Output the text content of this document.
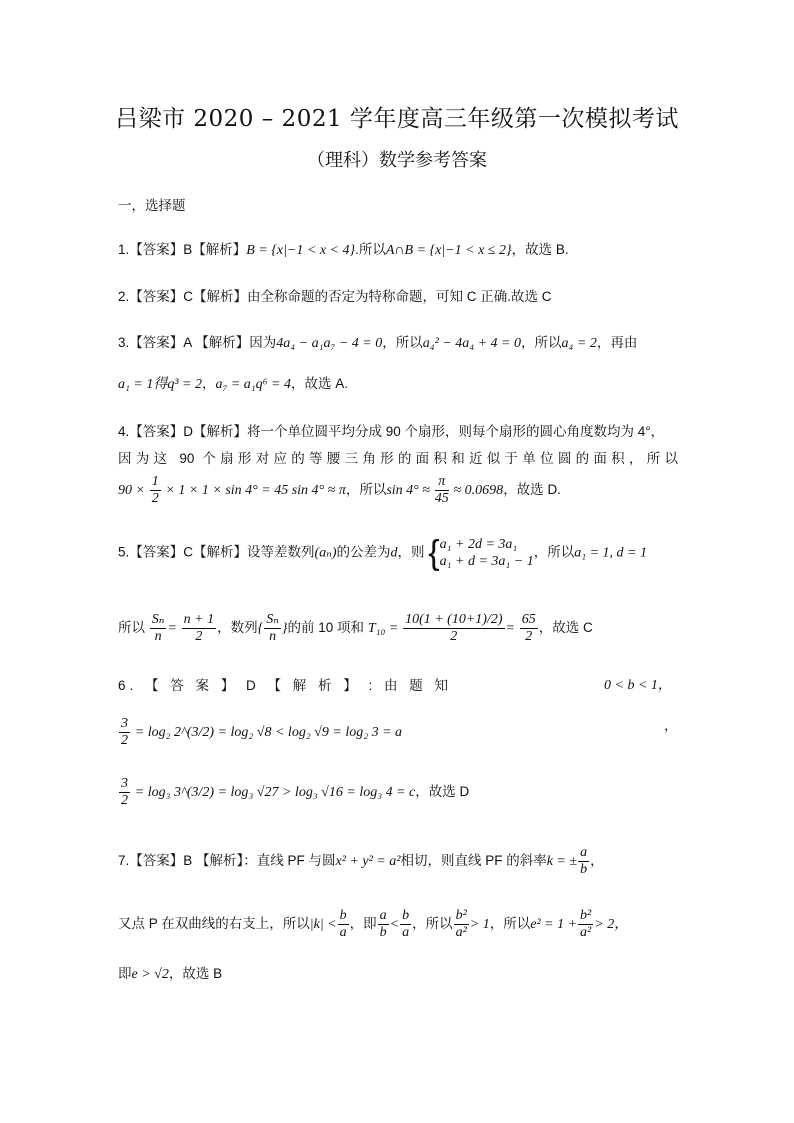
吕梁市 2020 – 2021 学年度高三年级第一次模拟考试
（理科）数学参考答案
一，选择题
1.【答案】B【解析】B = {x|−1 < x < 4}.所以A∩B = {x|−1 < x ≤ 2}，故选 B.
2.【答案】C【解析】由全称命题的否定为特称命题，可知 C 正确.故选 C
3.【答案】A 【解析】因为4a₄ − a₁a₇ − 4 = 0，所以a₄² − 4a₄ + 4 = 0，所以a₄ = 2，再由
a₁ = 1得q³ = 2，a₇ = a₁q⁶ = 4，故选 A.
4.【答案】D【解析】将一个单位圆平均分成 90 个扇形，则每个扇形的圆心角度数均为 4°，
因为这 90 个扇形对应的等腰三角形的面积和近似于单位圆的面积，所以
$90 \times \frac{1}{2} \times 1 \times 1 \times \sin 4^\circ = 45$ sin 4° ≈ π，所以$\sin 4^\circ \approx \frac{\pi}{45} \approx 0.0698$，故选 D.
5.【答案】C【解析】设等差数列(aₙ)的公差为d，则 { a₁ + 2d = 3a₁
a₁ + d = 3a₁ − 1
，所以a₁ = 1, d = 1
所以 $\frac{\text{Sₙ}}{n} = \frac{n + 1}{2}$ ，数列{ $\frac{\text{Sₙ}}{n}$ }的前 10 项和 $T_{10} = \frac{10(1 + (10+1)/2)}{2} = \frac{65}{2}$ ，故选 C
6. 【 答 案 】 D 【 解 析 】 : 由 题 知	0 < b < 1，
$\frac{3}{2} = \log_2$ 2^(3/2) = log₂ √8 < log₂ √9 = log₂ 3 = a	，
$\frac{3}{2} = \log_3$ 3^(3/2) = log₃ √27 > log₃ √16 = log₃ 4 = c，故选 D
7.【答案】B 【解析】：直线 PF 与圆x² + y² = a²相切，则直线 PF 的斜率k = ± $\frac{a}{b}$ ，
又点 P 在双曲线的右支上，所以$|k| < \frac{b}{a}$ ，即 $\frac{a}{b} < \frac{b}{a}$ ，所以 $\frac{\text{b²}}{\text{a²}} > 1$，所以$e^2 = 1 + \frac{\text{b²}}{\text{a²}} > 2$，
即e > √2，故选 B
